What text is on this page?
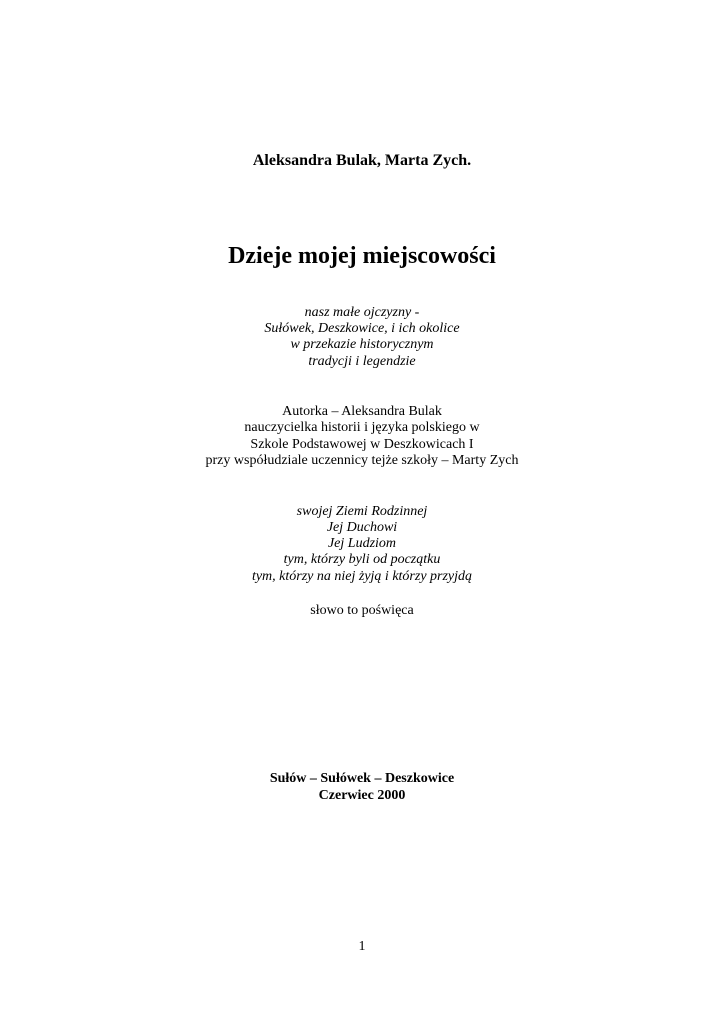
Aleksandra Bulak, Marta Zych.
Dzieje mojej miejscowości
nasz małe ojczyzny -
Sułówek, Deszkowice, i ich okolice
w przekazie historycznym
tradycji i legendzie
Autorka – Aleksandra Bulak
nauczycielka historii i języka polskiego w
Szkole Podstawowej w Deszkowicach I
przy współudziale uczennicy tejże szkoły – Marty Zych
swojej Ziemi Rodzinnej
Jej Duchowi
Jej Ludziom
tym, którzy byli od początku
tym, którzy na niej żyją i którzy przyjdą
słowo to poświęca
Sułów – Sułówek – Deszkowice
Czerwiec 2000
1
